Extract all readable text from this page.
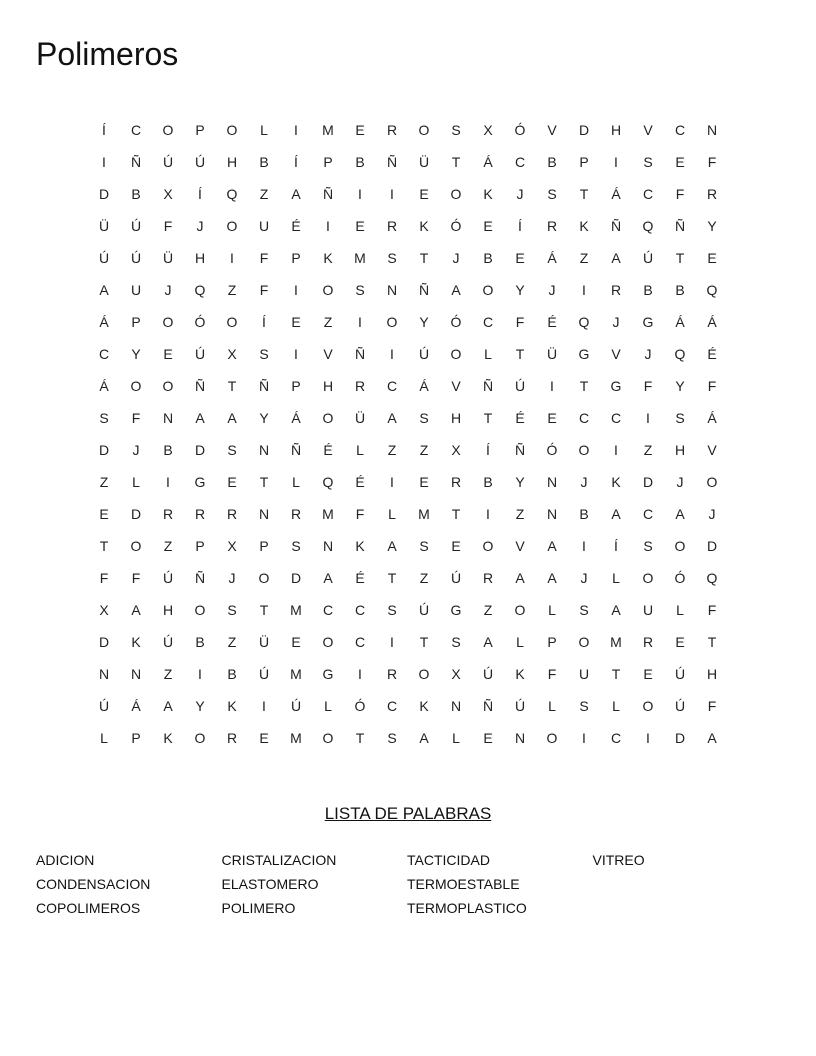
Polimeros
Í	C	O	P	O	L	I	M	E	R	O	S	X	Ó	V	D	H	V	C	N
I	Ñ	Ú	Ú	H	B	Í	P	B	Ñ	Ü	T	Á	C	B	P	I	S	E	F
D	B	X	Í	Q	Z	A	Ñ	I	I	E	O	K	J	S	T	Á	C	F	R
Ü	Ú	F	J	O	U	É	I	E	R	K	Ó	E	Í	R	K	Ñ	Q	Ñ	Y
Ú	Ú	Ü	H	I	F	P	K	M	S	T	J	B	E	Á	Z	A	Ú	T	E
A	U	J	Q	Z	F	I	O	S	N	Ñ	A	O	Y	J	I	R	B	B	Q
Á	P	O	Ó	O	Í	E	Z	I	O	Y	Ó	C	F	É	Q	J	G	Á	Á
C	Y	E	Ú	X	S	I	V	Ñ	I	Ú	O	L	T	Ü	G	V	J	Q	É
Á	O	O	Ñ	T	Ñ	P	H	R	C	Á	V	Ñ	Ú	I	T	G	F	Y	F
S	F	N	A	A	Y	Á	O	Ü	A	S	H	T	É	E	C	C	I	S	Á
D	J	B	D	S	N	Ñ	É	L	Z	Z	X	Í	Ñ	Ó	O	I	Z	H	V
Z	L	I	G	E	T	L	Q	É	I	E	R	B	Y	N	J	K	D	J	O
E	D	R	R	R	N	R	M	F	L	M	T	I	Z	N	B	A	C	A	J
T	O	Z	P	X	P	S	N	K	A	S	E	O	V	A	I	Í	S	O	D
F	F	Ú	Ñ	J	O	D	A	É	T	Z	Ú	R	A	A	J	L	O	Ó	Q
X	A	H	O	S	T	M	C	C	S	Ú	G	Z	O	L	S	A	U	L	F
D	K	Ú	B	Z	Ü	E	O	C	I	T	S	A	L	P	O	M	R	E	T
N	N	Z	I	B	Ú	M	G	I	R	O	X	Ú	K	F	U	T	E	Ú	H
Ú	Á	A	Y	K	I	Ú	L	Ó	C	K	N	Ñ	Ú	L	S	L	O	Ú	F
L	P	K	O	R	E	M	O	T	S	A	L	E	N	O	I	C	I	D	A
LISTA DE PALABRAS
ADICION
CONDENSACION
COPOLIMEROS
CRISTALIZACION
ELASTOMERO
POLIMERO
TACTICIDAD
TERMOESTABLE
TERMOPLASTICO
VITREO
